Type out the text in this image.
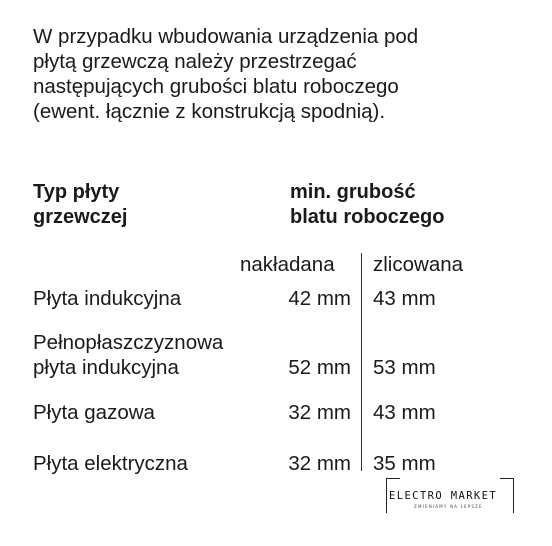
W przypadku wbudowania urządzenia pod
płytą grzewczą należy przestrzegać
następujących grubości blatu roboczego
(ewent. łącznie z konstrukcją spodnią).
Typ płyty
grzewczej
min. grubość
blatu roboczego
nakładana zlicowana
Płyta indukcyjna	42 mm 43 mm
Pełnopłaszczyznowa
płyta indukcyjna	52 mm 53 mm
Płyta gazowa	32 mm 43 mm
Płyta elektryczna	32 mm 35 mm
ELECTRO MARKET
ZMIENIAMY NA LEPSZE
